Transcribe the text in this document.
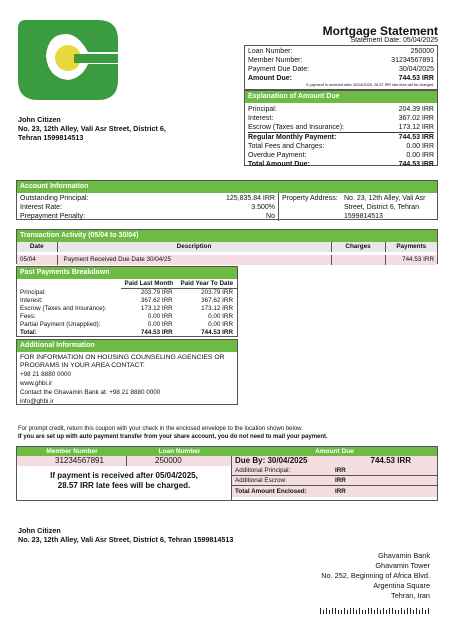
Mortgage Statement
Statement Date: 05/04/2025
Loan Number:	250000
Member Number:	31234567891
Payment Due Date:	30/04/2025
Amount Due:	744.53 IRR
If payment is received after 30/04/2025, 28.57 IRR late fees will be charged.
Explanation of Amount Due
Principal:	204.39 IRR
Interest:	367.02 IRR
Escrow (Taxes and Insurance):	173.12 IRR
Regular Monthly Payment:	744.53 IRR
Total Fees and Charges:	0.00 IRR
Overdue Payment:	0.00 IRR
Total Amount Due:	744.53 IRR
John Citizen
No. 23, 12th Alley, Vali Asr Street, District 6,
Tehran 1599814513
Account Information
Outstanding Principal:	125,835.84 IRR
Interest Rate:	3.500%
Prepayment Penalty:	No
Property Address: No. 23, 12th Alley, Vali Asr
Street, District 6, Tehran
1599814513
Transaction Activity (05/04 to 30/04)
Date	Description	Charges	Payments

05/04	Payment Received Due Date 30/04/25		744.53 IRR
Past Payments Breakdown
	Paid Last Month	Paid Year To Date
Principal:	203.79 IRR	203.79 IRR
Interest:	367.62 IRR	367.62 IRR
Escrow (Taxes and Insurance):	173.12 IRR	173.12 IRR
Fees:	0.00 IRR	0.00 IRR
Partial Payment (Unapplied):	0.00 IRR	0.00 IRR
Total:	744.53 IRR	744.53 IRR
Additional Information
FOR INFORMATION ON HOUSING COUNSELING AGENCIES OR PROGRAMS IN YOUR AREA CONTACT:
+98 21 8880 0000
www.ghbi.ir
Contact the Ghavamin Bank at: +98 21 8880 0000
info@ghbi.ir
For prompt credit, return this coupon with your check in the enclosed envelope to the location shown below.
If you are set up with auto payment transfer from your share account, you do not need to mail your payment.
Member Number	Loan Number	Amount Due
31234567891	250000	Due By: 30/04/2025	744.53 IRR
If payment is received after 05/04/2025,
28.57 IRR late fees will be charged.
Additional Principal:	IRR
Additional Escrow:	IRR
Total Amount Enclosed:	IRR
John Citizen
No. 23, 12th Alley, Vali Asr Street, District 6, Tehran 1599814513
Ghavamin Bank
Ghavamin Tower
No. 252, Beginning of Africa Blvd.
Argentina Square
Tehran, Iran
